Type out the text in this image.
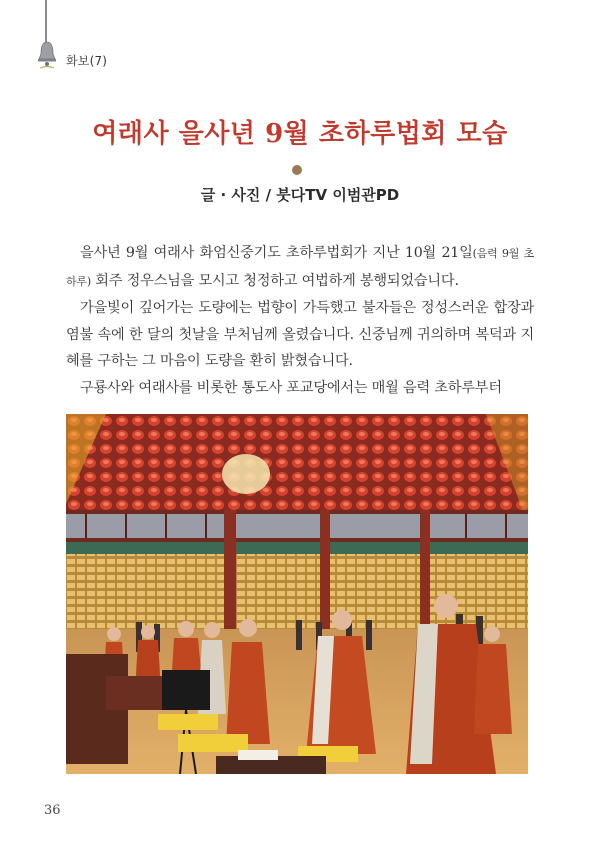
화보(7)
여래사 을사년 9월 초하루법회 모습
글 · 사진 / 붓다TV 이범관PD

을사년 9월 여래사 화엄신중기도 초하루법회가 지난 10월 21일(음력 9월 초 하루) 회주 정우스님을 모시고 청정하고 여법하게 봉행되었습니다.

가을빛이 깊어가는 도량에는 법향이 가득했고 불자들은 정성스러운 합장과 염불 속에 한 달의 첫날을 부처님께 올렸습니다. 신중님께 귀의하며 복덕과 지혜를 구하는 그 마음이 도량을 환히 밝혔습니다.

구룡사와 여래사를 비롯한 통도사 포교당에서는 매월 음력 초하루부터

36
